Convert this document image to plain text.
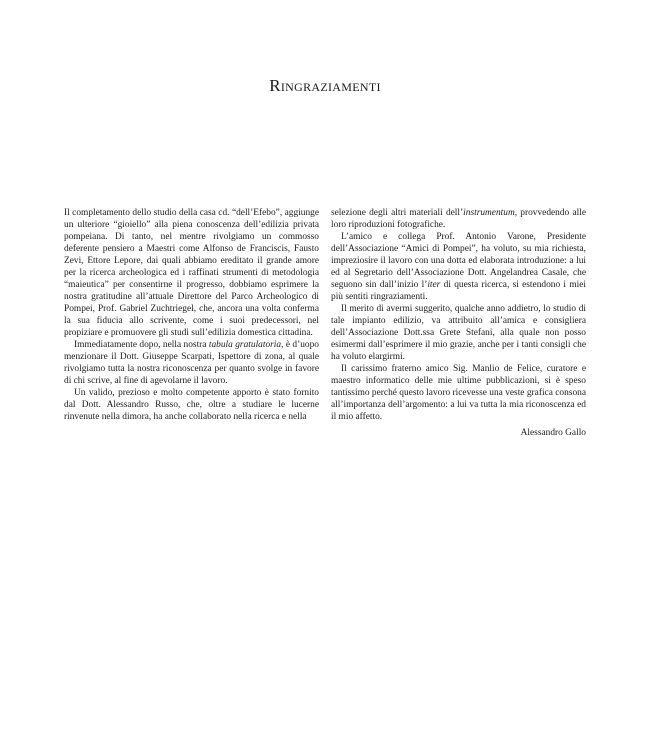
Ringraziamenti

Il completamento dello studio della casa cd. “dell’Efebo”, aggiunge un ulteriore “gioiello” alla piena conoscenza dell’edilizia privata pompeiana. Di tanto, nel mentre rivolgiamo un commosso deferente pensiero a Maestri come Alfonso de Franciscis, Fausto Zevi, Ettore Lepore, dai quali abbiamo ereditato il grande amore per la ricerca archeologica ed i raffinati strumenti di metodologia “maieutica” per consentirne il progresso, dobbiamo esprimere la nostra gratitudine all’attuale Direttore del Parco Archeologico di Pompei, Prof. Gabriel Zuchtriegel, che, ancora una volta conferma la sua fiducia allo scrivente, come i suoi predecessori, nel propiziare e promuovere gli studi sull’edilizia domestica cittadina.

Immediatamente dopo, nella nostra tabula gratulatoria, è d’uopo menzionare il Dott. Giuseppe Scarpati, Ispettore di zona, al quale rivolgiamo tutta la nostra riconoscenza per quanto svolge in favore di chi scrive, al fine di agevolarne il lavoro.

Un valido, prezioso e molto competente apporto è stato fornito dal Dott. Alessandro Russo, che, oltre a studiare le lucerne rinvenute nella dimora, ha anche collaborato nella ricerca e nella

selezione degli altri materiali dell’instrumentum, provvedendo alle loro riproduzioni fotografiche.

L’amico e collega Prof. Antonio Varone, Presidente dell’Associazione “Amici di Pompei”, ha voluto, su mia richiesta, impreziosire il lavoro con una dotta ed elaborata introduzione: a lui ed al Segretario dell’Associazione Dott. Angelandrea Casale, che seguono sin dall’inizio l’iter di questa ricerca, si estendono i miei più sentiti ringraziamenti.

Il merito di avermi suggerito, qualche anno addietro, lo studio di tale impianto edilizio, va attribuito all’amica e consigliera dell’Associazione Dott.ssa Grete Stefani, alla quale non posso esimermi dall’esprimere il mio grazie, anche per i tanti consigli che ha voluto elargirmi.

Il carissimo fraterno amico Sig. Manlio de Felice, curatore e maestro informatico delle mie ultime pubblicazioni, si è speso tantissimo perché questo lavoro ricevesse una veste grafica consona all’importanza dell’argomento: a lui va tutta la mia riconoscenza ed il mio affetto.

Alessandro Gallo
